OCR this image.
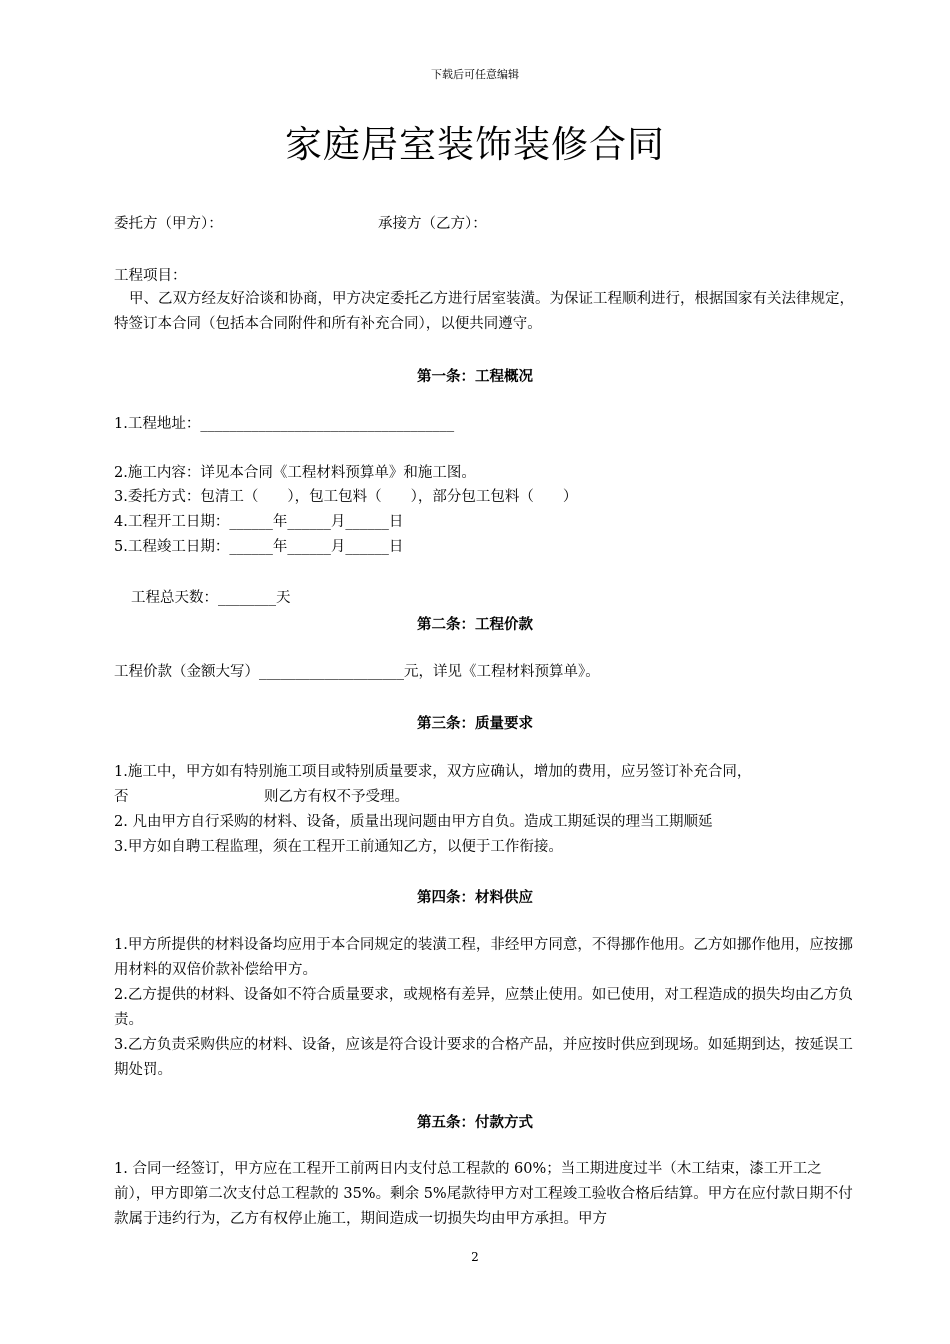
下载后可任意编辑
家庭居室装饰装修合同
委托方（甲方）：	承接方（乙方）：
工程项目：
甲、乙双方经友好洽谈和协商，甲方决定委托乙方进行居室装潢。为保证工程顺利进行，根据国家有关法律规定，特签订本合同（包括本合同附件和所有补充合同），以便共同遵守。
第一条：工程概况
1.工程地址：___________________________________
2.施工内容：详见本合同《工程材料预算单》和施工图。
3.委托方式：包清工（　　），包工包料（　　），部分包工包料（　　）
4.工程开工日期：______年______月______日
5.工程竣工日期：______年______月______日
工程总天数：________天
第二条：工程价款
工程价款（金额大写）____________________元，详见《工程材料预算单》。
第三条：质量要求
1.施工中，甲方如有特别施工项目或特别质量要求，双方应确认，增加的费用，应另签订补充合同，
否	则乙方有权不予受理。
2. 凡由甲方自行采购的材料、设备，质量出现问题由甲方自负。造成工期延误的理当工期顺延
3.甲方如自聘工程监理，须在工程开工前通知乙方，以便于工作衔接。
第四条：材料供应
1.甲方所提供的材料设备均应用于本合同规定的装潢工程，非经甲方同意，不得挪作他用。乙方如挪作他用，应按挪用材料的双倍价款补偿给甲方。
2.乙方提供的材料、设备如不符合质量要求，或规格有差异，应禁止使用。如已使用，对工程造成的损失均由乙方负责。
3.乙方负责采购供应的材料、设备，应该是符合设计要求的合格产品，并应按时供应到现场。如延期到达，按延误工期处罚。
第五条：付款方式
1. 合同一经签订，甲方应在工程开工前两日内支付总工程款的 60%；当工期进度过半（木工结束，漆工开工之前），甲方即第二次支付总工程款的 35%。剩余 5%尾款待甲方对工程竣工验收合格后结算。甲方在应付款日期不付款属于违约行为，乙方有权停止施工，期间造成一切损失均由甲方承担。甲方
2
